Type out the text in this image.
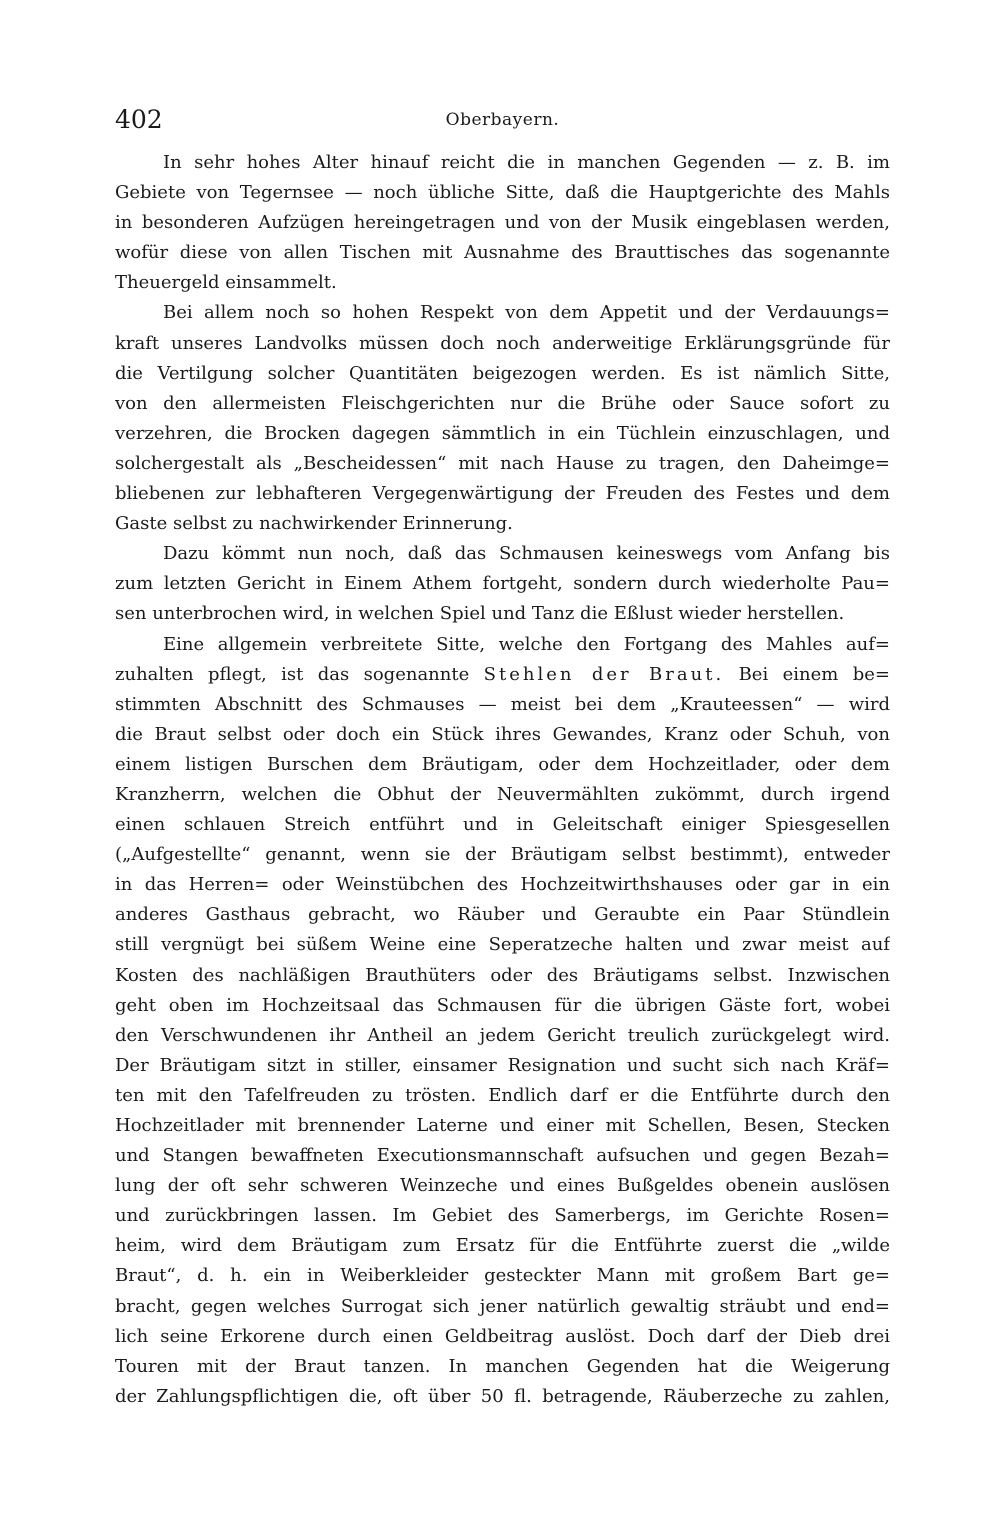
402	Oberbayern.
In sehr hohes Alter hinauf reicht die in manchen Gegenden — z. B. im
Gebiete von Tegernsee — noch übliche Sitte, daß die Hauptgerichte des Mahls
in besonderen Aufzügen hereingetragen und von der Musik eingeblasen werden,
wofür diese von allen Tischen mit Ausnahme des Brauttisches das sogenannte
Theuergeld einsammelt.
Bei allem noch so hohen Respekt von dem Appetit und der Verdauungs=
kraft unseres Landvolks müssen doch noch anderweitige Erklärungsgründe für
die Vertilgung solcher Quantitäten beigezogen werden. Es ist nämlich Sitte,
von den allermeisten Fleischgerichten nur die Brühe oder Sauce sofort zu
verzehren, die Brocken dagegen sämmtlich in ein Tüchlein einzuschlagen, und
solchergestalt als „Bescheidessen“ mit nach Hause zu tragen, den Daheimge=
bliebenen zur lebhafteren Vergegenwärtigung der Freuden des Festes und dem
Gaste selbst zu nachwirkender Erinnerung.
Dazu kömmt nun noch, daß das Schmausen keineswegs vom Anfang bis
zum letzten Gericht in Einem Athem fortgeht, sondern durch wiederholte Pau=
sen unterbrochen wird, in welchen Spiel und Tanz die Eßlust wieder herstellen.
Eine allgemein verbreitete Sitte, welche den Fortgang des Mahles auf=
zuhalten pflegt, ist das sogenannte Stehlen der Braut. Bei einem be=
stimmten Abschnitt des Schmauses — meist bei dem „Krauteessen“ — wird
die Braut selbst oder doch ein Stück ihres Gewandes, Kranz oder Schuh, von
einem listigen Burschen dem Bräutigam, oder dem Hochzeitlader, oder dem
Kranzherrn, welchen die Obhut der Neuvermählten zukömmt, durch irgend
einen schlauen Streich entführt und in Geleitschaft einiger Spiesgesellen
(„Aufgestellte“ genannt, wenn sie der Bräutigam selbst bestimmt), entweder
in das Herren= oder Weinstübchen des Hochzeitwirthshauses oder gar in ein
anderes Gasthaus gebracht, wo Räuber und Geraubte ein Paar Stündlein
still vergnügt bei süßem Weine eine Seperatzeche halten und zwar meist auf
Kosten des nachläßigen Brauthüters oder des Bräutigams selbst. Inzwischen
geht oben im Hochzeitsaal das Schmausen für die übrigen Gäste fort, wobei
den Verschwundenen ihr Antheil an jedem Gericht treulich zurückgelegt wird.
Der Bräutigam sitzt in stiller, einsamer Resignation und sucht sich nach Kräf=
ten mit den Tafelfreuden zu trösten. Endlich darf er die Entführte durch den
Hochzeitlader mit brennender Laterne und einer mit Schellen, Besen, Stecken
und Stangen bewaffneten Executionsmannschaft aufsuchen und gegen Bezah=
lung der oft sehr schweren Weinzeche und eines Bußgeldes obenein auslösen
und zurückbringen lassen. Im Gebiet des Samerbergs, im Gerichte Rosen=
heim, wird dem Bräutigam zum Ersatz für die Entführte zuerst die „wilde
Braut“, d. h. ein in Weiberkleider gesteckter Mann mit großem Bart ge=
bracht, gegen welches Surrogat sich jener natürlich gewaltig sträubt und end=
lich seine Erkorene durch einen Geldbeitrag auslöst. Doch darf der Dieb drei
Touren mit der Braut tanzen. In manchen Gegenden hat die Weigerung
der Zahlungspflichtigen die, oft über 50 fl. betragende, Räuberzeche zu zahlen,
